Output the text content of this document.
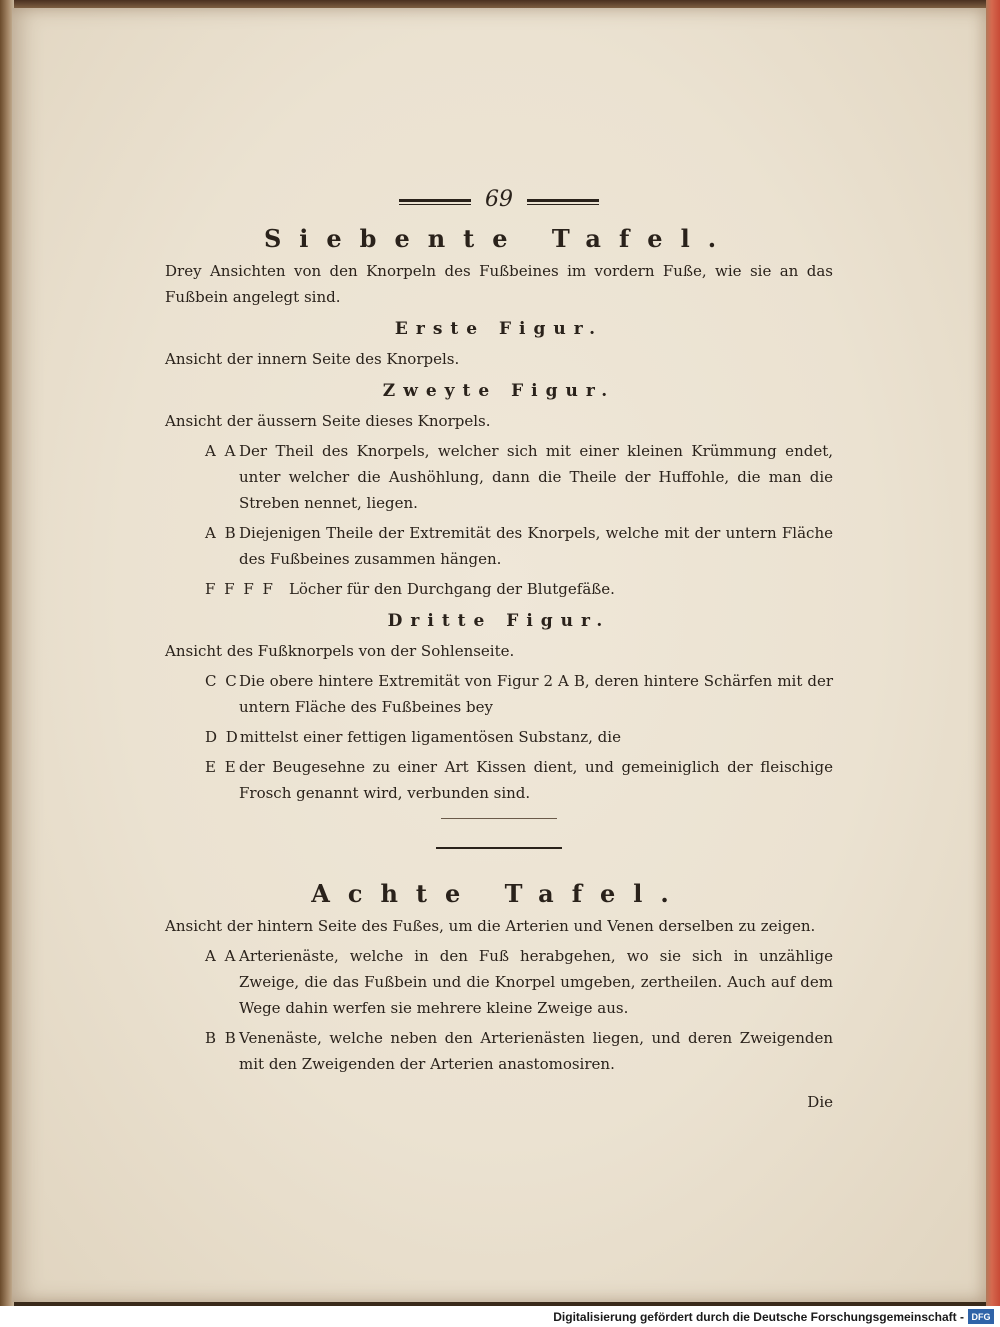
69
Siebente Tafel.

Drey Ansichten von den Knorpeln des Fußbeines im vordern Fuße, wie sie an das Fußbein angelegt sind.

Erste Figur.

Ansicht der innern Seite des Knorpels.

Zweyte Figur.

Ansicht der äussern Seite dieses Knorpels.

A A Der Theil des Knorpels, welcher sich mit einer kleinen Krümmung endet, unter welcher die Aushöhlung, dann die Theile der Huffohle, die man die Streben nennet, liegen.
A B Diejenigen Theile der Extremität des Knorpels, welche mit der untern Fläche des Fußbeines zusammen hängen.
F F F F Löcher für den Durchgang der Blutgefäße.
Dritte Figur.

Ansicht des Fußknorpels von der Sohlenseite.

C C Die obere hintere Extremität von Figur 2 A B, deren hintere Schärfen mit der untern Fläche des Fußbeines bey
D D mittelst einer fettigen ligamentösen Substanz, die
E E der Beugesehne zu einer Art Kissen dient, und gemeiniglich der fleischige Frosch genannt wird, verbunden sind.
Achte Tafel.

Ansicht der hintern Seite des Fußes, um die Arterien und Venen derselben zu zeigen.

A A Arterienäste, welche in den Fuß herabgehen, wo sie sich in unzählige Zweige, die das Fußbein und die Knorpel umgeben, zertheilen. Auch auf dem Wege dahin werfen sie mehrere kleine Zweige aus.
B B Venenäste, welche neben den Arterienästen liegen, und deren Zweigenden mit den Zweigenden der Arterien anastomosiren.
Die
Digitalisierung gefördert durch die Deutsche Forschungsgemeinschaft - DFG
